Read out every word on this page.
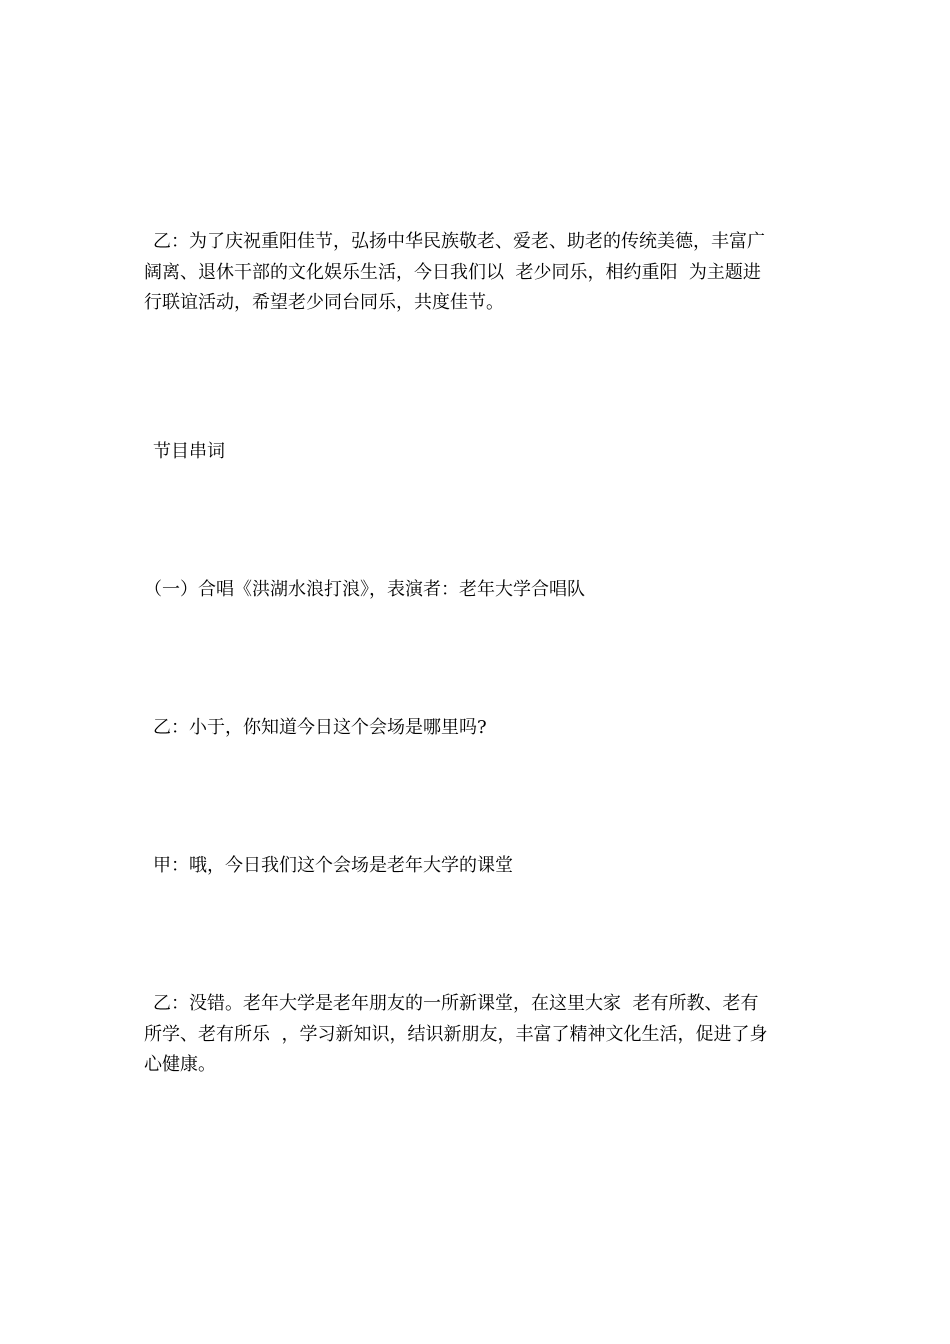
乙：为了庆祝重阳佳节，弘扬中华民族敬老、爱老、助老的传统美德，丰富广
阔离、退休干部的文化娱乐生活，今日我们以  老少同乐，相约重阳  为主题进
行联谊活动，希望老少同台同乐，共度佳节。
节目串词
（一）合唱《洪湖水浪打浪》，表演者：老年大学合唱队
乙：小于，你知道今日这个会场是哪里吗?
甲：哦，今日我们这个会场是老年大学的课堂
乙：没错。老年大学是老年朋友的一所新课堂，在这里大家  老有所教、老有
所学、老有所乐  ，学习新知识，结识新朋友，丰富了精神文化生活，促进了身
心健康。
